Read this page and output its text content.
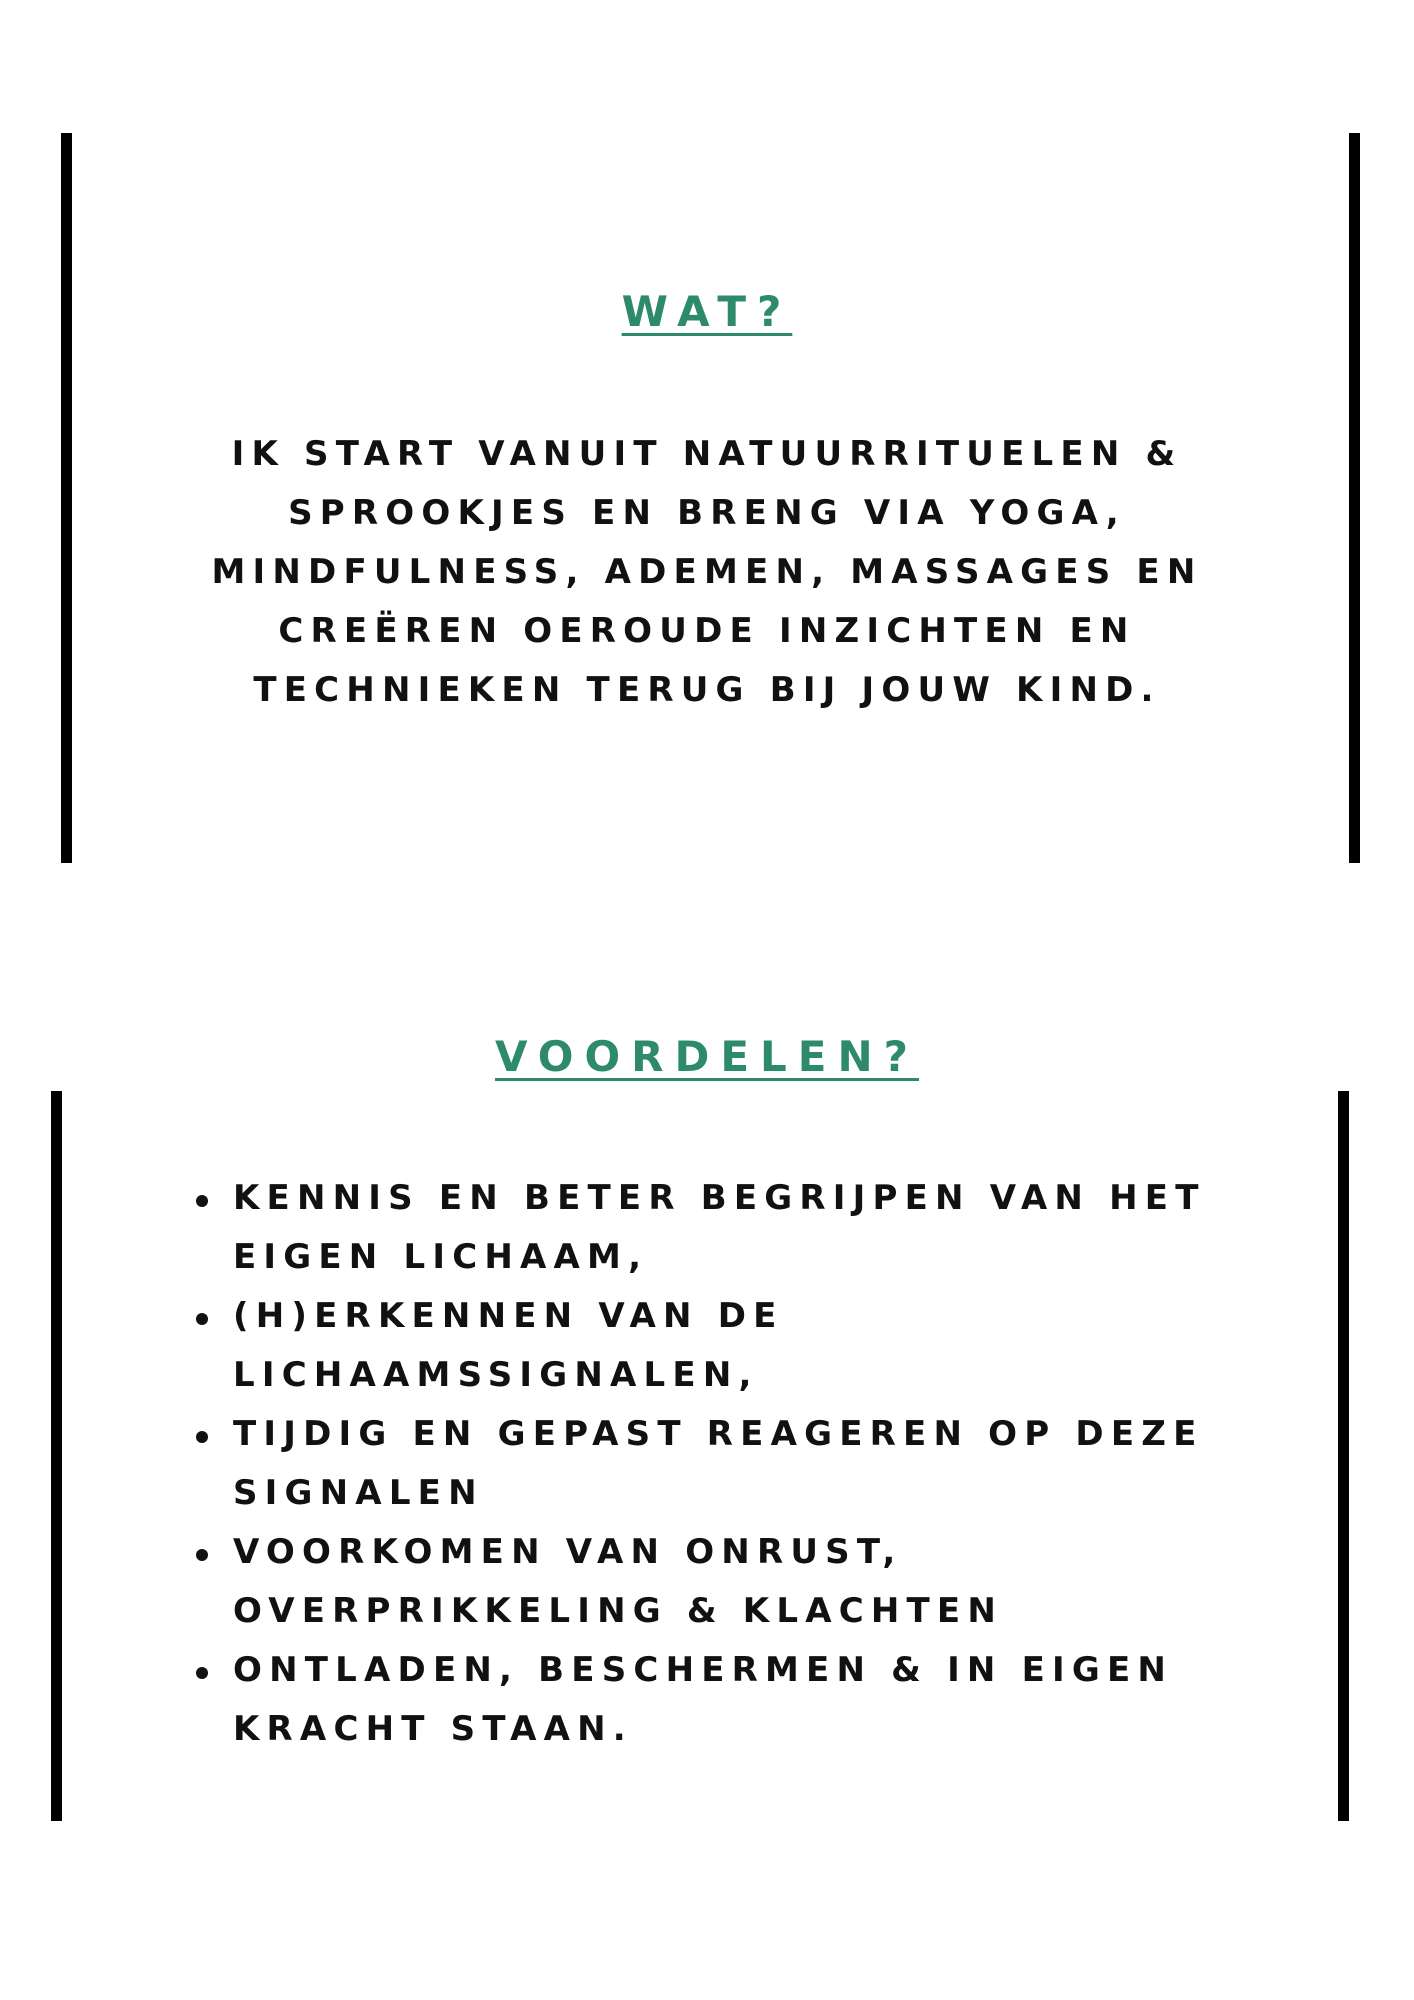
WAT?

IK START VANUIT NATUURRITUELEN &
SPROOKJES EN BRENG VIA YOGA,
MINDFULNESS, ADEMEN, MASSAGES EN
CREËREN OEROUDE INZICHTEN EN
TECHNIEKEN TERUG BIJ JOUW KIND.

VOORDELEN?
KENNIS EN BETER BEGRIJPEN VAN HET
EIGEN LICHAAM,
(H)ERKENNEN VAN DE
LICHAAMSSIGNALEN,
TIJDIG EN GEPAST REAGEREN OP DEZE
SIGNALEN
VOORKOMEN VAN ONRUST,
OVERPRIKKELING & KLACHTEN
ONTLADEN, BESCHERMEN & IN EIGEN
KRACHT STAAN.
